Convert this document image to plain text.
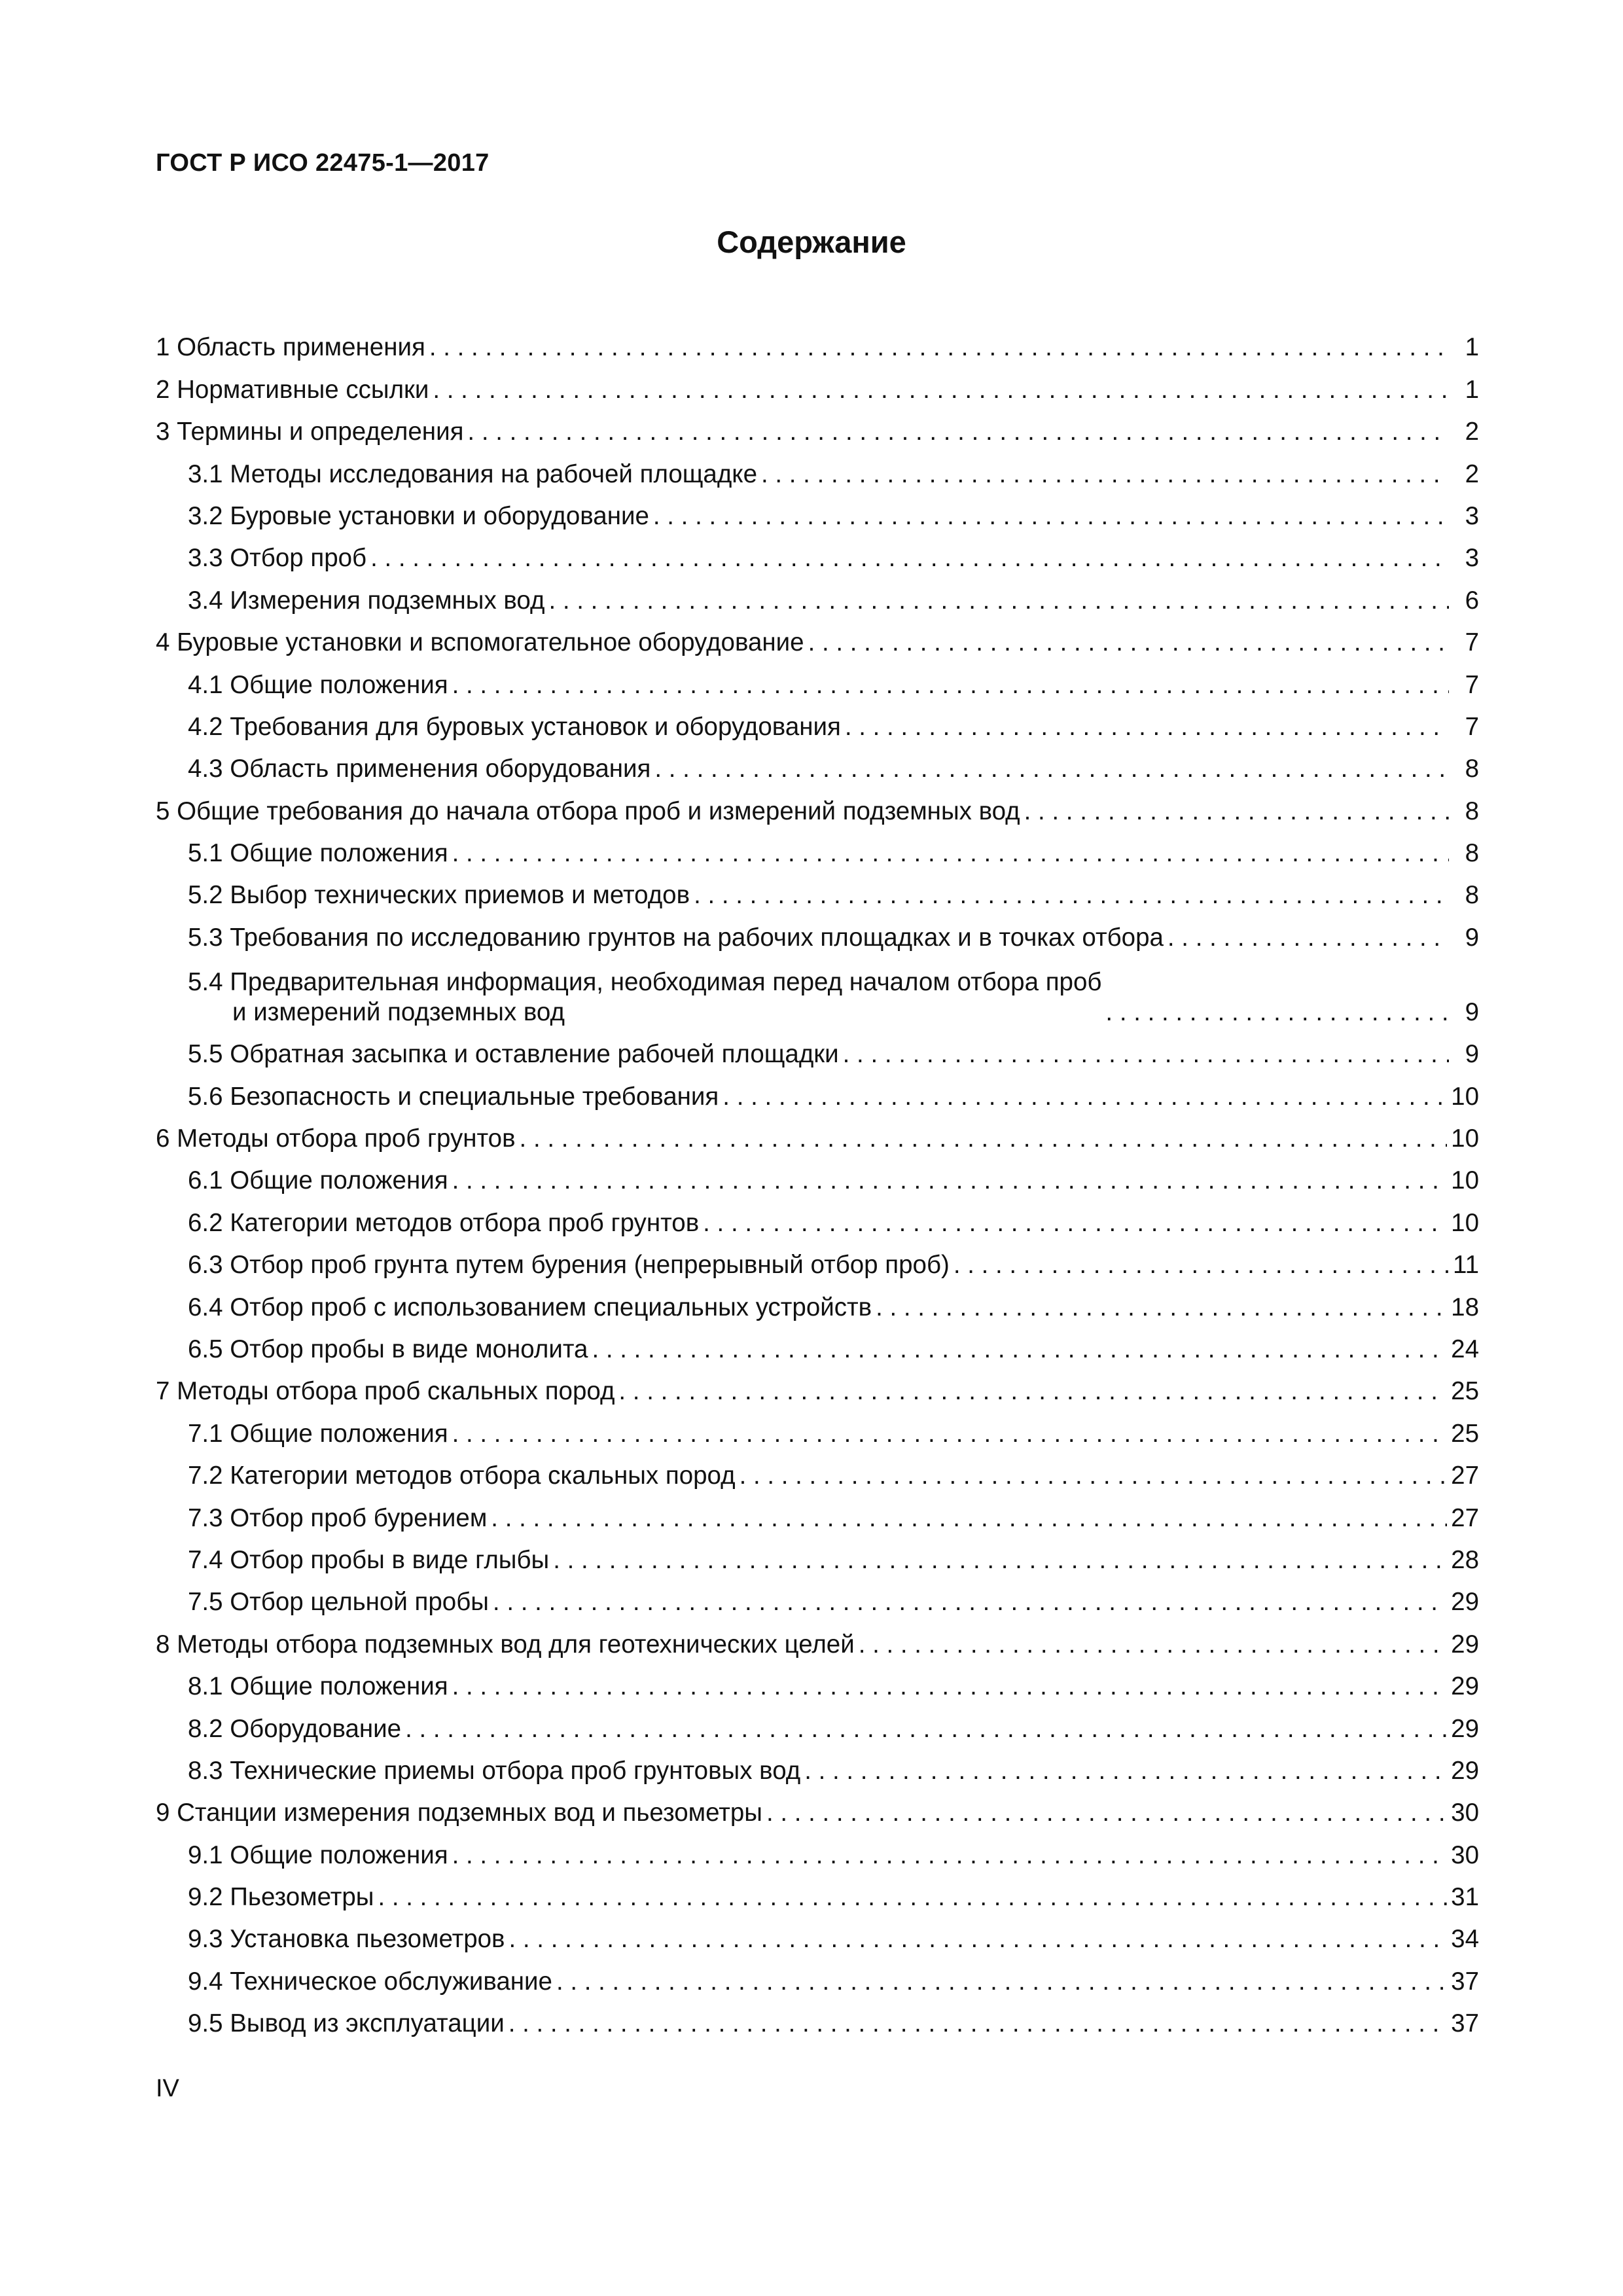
ГОСТ Р ИСО 22475-1—2017
Содержание
1 Область применения . . .	1
2 Нормативные ссылки . . .	1
3 Термины и определения . . .	2
3.1 Методы исследования на рабочей площадке . . .	2
3.2 Буровые установки и оборудование . . .	3
3.3 Отбор проб . . .	3
3.4 Измерения подземных вод . . .	6
4 Буровые установки и вспомогательное оборудование . . .	7
4.1 Общие положения . . .	7
4.2 Требования для буровых установок и оборудования . . .	7
4.3 Область применения оборудования . . .	8
5 Общие требования до начала отбора проб и измерений подземных вод . . .	8
5.1 Общие положения . . .	8
5.2 Выбор технических приемов и методов . . .	8
5.3 Требования по исследованию грунтов на рабочих площадках и в точках отбора . . .	9
5.4 Предварительная информация, необходимая перед началом отбора проб
и измерений подземных вод . . .	9
5.5 Обратная засыпка и оставление рабочей площадки . . .	9
5.6 Безопасность и специальные требования . . .	10
6 Методы отбора проб грунтов . . .	10
6.1 Общие положения . . .	10
6.2 Категории методов отбора проб грунтов . . .	10
6.3 Отбор проб грунта путем бурения (непрерывный отбор проб) . . .	11
6.4 Отбор проб с использованием специальных устройств . . .	18
6.5 Отбор пробы в виде монолита . . .	24
7 Методы отбора проб скальных пород . . .	25
7.1 Общие положения . . .	25
7.2 Категории методов отбора скальных пород . . .	27
7.3 Отбор проб бурением . . .	27
7.4 Отбор пробы в виде глыбы . . .	28
7.5 Отбор цельной пробы . . .	29
8 Методы отбора подземных вод для геотехнических целей . . .	29
8.1 Общие положения . . .	29
8.2 Оборудование . . .	29
8.3 Технические приемы отбора проб грунтовых вод . . .	29
9 Станции измерения подземных вод и пьезометры . . .	30
9.1 Общие положения . . .	30
9.2 Пьезометры . . .	31
9.3 Установка пьезометров . . .	34
9.4 Техническое обслуживание . . .	37
9.5 Вывод из эксплуатации . . .	37
IV
